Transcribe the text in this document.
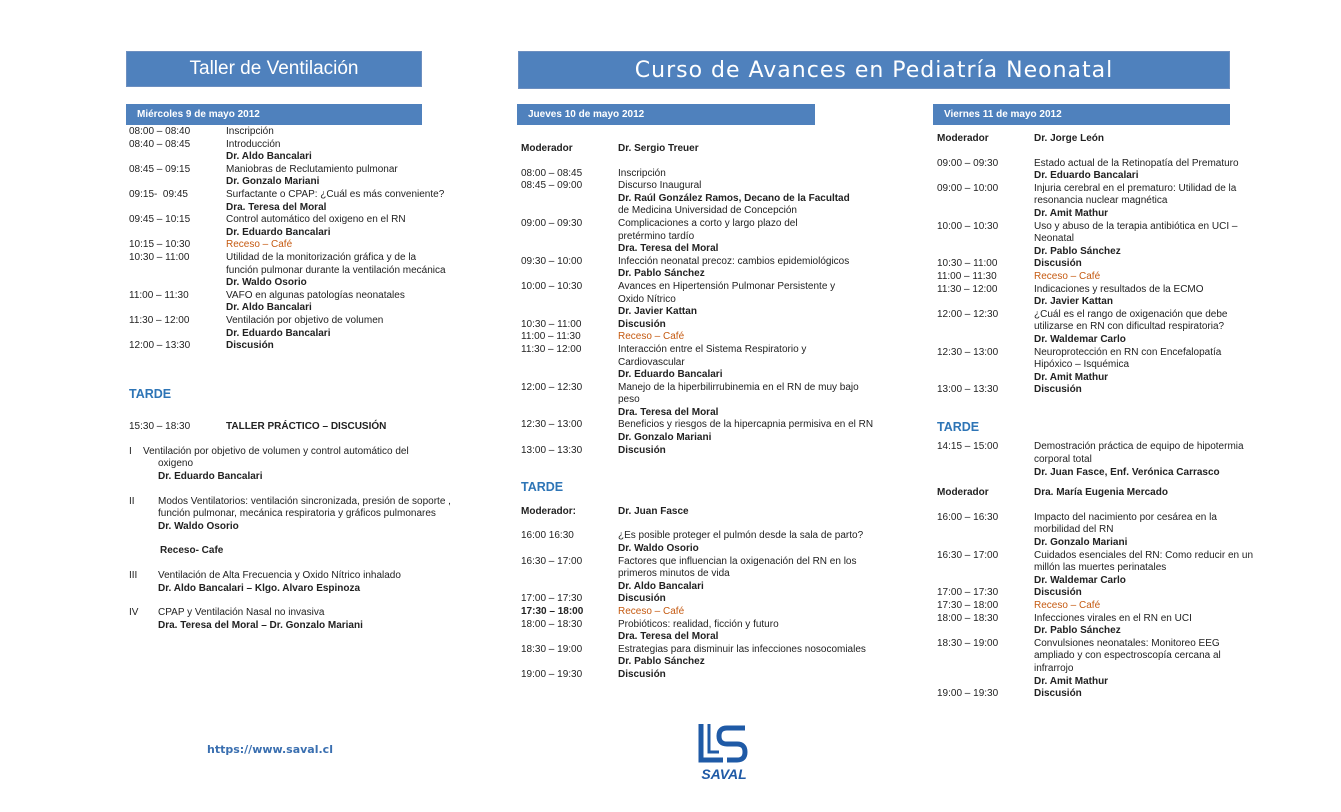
Taller de Ventilación	Curso de Avances en Pediatría Neonatal
Miércoles 9 de mayo 2012	Jueves 10 de mayo 2012	Viernes 11 de mayo 2012
08:00 – 08:40	Inscripción
08:40 – 08:45	Introducción
Dr. Aldo Bancalari
08:45 – 09:15	Maniobras de Reclutamiento pulmonar
Dr. Gonzalo Mariani
09:15-  09:45	Surfactante o CPAP: ¿Cuál es más conveniente?
Dra. Teresa del Moral
09:45 – 10:15	Control automático del oxigeno en el RN
Dr. Eduardo Bancalari
10:15 – 10:30	Receso – Café
10:30 – 11:00	Utilidad de la monitorización gráfica y de la
función pulmonar durante la ventilación mecánica
Dr. Waldo Osorio
11:00 – 11:30	VAFO en algunas patologías neonatales
Dr. Aldo Bancalari
11:30 – 12:00	Ventilación por objetivo de volumen
Dr. Eduardo Bancalari
12:00 – 13:30	Discusión
TARDE
15:30 – 18:30	TALLER PRÁCTICO – DISCUSIÓN
I	Ventilación por objetivo de volumen y control automático del
oxigeno
Dr. Eduardo Bancalari
II	Modos Ventilatorios: ventilación sincronizada, presión de soporte ,
función pulmonar, mecánica respiratoria y gráficos pulmonares
Dr. Waldo Osorio
Receso- Cafe
III	Ventilación de Alta Frecuencia y Oxido Nítrico inhalado
Dr. Aldo Bancalari – Klgo. Alvaro Espinoza
IV	CPAP y Ventilación Nasal no invasiva
Dra. Teresa del Moral – Dr. Gonzalo Mariani
Moderador	Dr. Sergio Treuer
08:00 – 08:45	Inscripción
08:45 – 09:00	Discurso Inaugural
Dr. Raúl González Ramos, Decano de la Facultad
de Medicina Universidad de Concepción
09:00 – 09:30	Complicaciones a corto y largo plazo del
pretérmino tardío
Dra. Teresa del Moral
09:30 – 10:00	Infección neonatal precoz: cambios epidemiológicos
Dr. Pablo Sánchez
10:00 – 10:30	Avances en Hipertensión Pulmonar Persistente y
Oxido Nítrico
Dr. Javier Kattan
10:30 – 11:00	Discusión
11:00 – 11:30	Receso – Café
11:30 – 12:00	Interacción entre el Sistema Respiratorio y
Cardiovascular
Dr. Eduardo Bancalari
12:00 – 12:30	Manejo de la hiperbilirrubinemia en el RN de muy bajo
peso
Dra. Teresa del Moral
12:30 – 13:00	Beneficios y riesgos de la hipercapnia permisiva en el RN
Dr. Gonzalo Mariani
13:00 – 13:30	Discusión
TARDE
Moderador:	Dr. Juan Fasce
16:00 16:30	¿Es posible proteger el pulmón desde la sala de parto?
Dr. Waldo Osorio
16:30 – 17:00	Factores que influencian la oxigenación del RN en los
primeros minutos de vida
Dr. Aldo Bancalari
17:00 – 17:30	Discusión
17:30 – 18:00	Receso – Café
18:00 – 18:30	Probióticos: realidad, ficción y futuro
Dra. Teresa del Moral
18:30 – 19:00	Estrategias para disminuir las infecciones nosocomiales
Dr. Pablo Sánchez
19:00 – 19:30	Discusión
Moderador	Dr. Jorge León
09:00 – 09:30	Estado actual de la Retinopatía del Prematuro
Dr. Eduardo Bancalari
09:00 – 10:00	Injuria cerebral en el prematuro: Utilidad de la
resonancia nuclear magnética
Dr. Amit Mathur
10:00 – 10:30	Uso y abuso de la terapia antibiótica en UCI –
Neonatal
Dr. Pablo Sánchez
10:30 – 11:00	Discusión
11:00 – 11:30	Receso – Café
11:30 – 12:00	Indicaciones y resultados de la ECMO
Dr. Javier Kattan
12:00 – 12:30	¿Cuál es el rango de oxigenación que debe
utilizarse en RN con dificultad respiratoria?
Dr. Waldemar Carlo
12:30 – 13:00	Neuroprotección en RN con Encefalopatía
Hipóxico – Isquémica
Dr. Amit Mathur
13:00 – 13:30	Discusión
TARDE
14:15 – 15:00	Demostración práctica de equipo de hipotermia
corporal total
Dr. Juan Fasce, Enf. Verónica Carrasco
Moderador	Dra. María Eugenia Mercado
16:00 – 16:30	Impacto del nacimiento por cesárea en la
morbilidad del RN
Dr. Gonzalo Mariani
16:30 – 17:00	Cuidados esenciales del RN: Como reducir en un
millón las muertes perinatales
Dr. Waldemar Carlo
17:00 – 17:30	Discusión
17:30 – 18:00	Receso – Café
18:00 – 18:30	Infecciones virales en el RN en UCI
Dr. Pablo Sánchez
18:30 – 19:00	Convulsiones neonatales: Monitoreo EEG
ampliado y con espectroscopía cercana al
infrarrojo
Dr. Amit Mathur
19:00 – 19:30	Discusión
https://www.saval.cl
SAVAL
